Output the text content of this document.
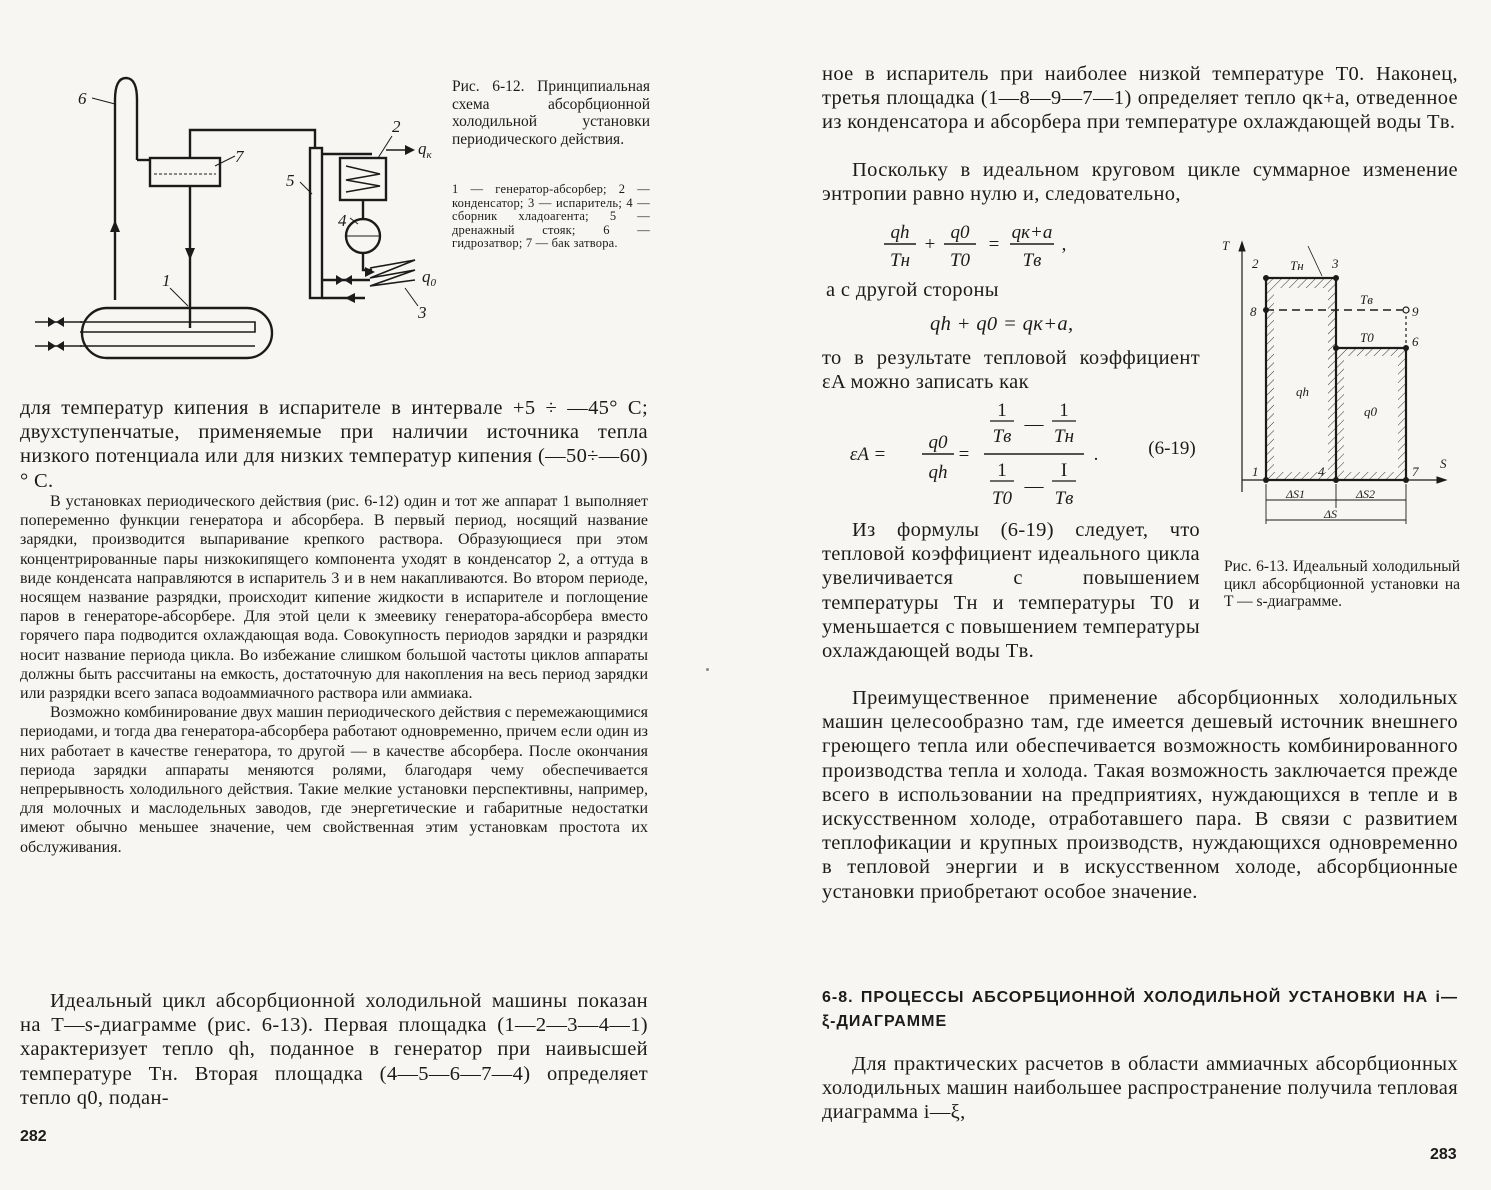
6
7
5
2
4
3
1
$q_к$
$q_0$
Рис. 6-12. Принципиальная схема абсорбционной холодильной установки периодического действия.
1 — генератор-абсорбер; 2 — конденсатор; 3 — испаритель; 4 — сборник хладоагента; 5 — дренажный стояк; 6 — гидрозатвор; 7 — бак затвора.
для температур кипения в испарителе в интервале +5 ÷ —45° С; двухступенчатые, применяемые при наличии источника тепла низкого потенциала или для низких температур кипения (—50÷—60)° С.

В установках периодического действия (рис. 6-12) один и тот же аппарат 1 выполняет попеременно функции генератора и абсорбера. В первый период, носящий название зарядки, производится выпаривание крепкого раствора. Образующиеся при этом концентрированные пары низкокипящего компонента уходят в конденсатор 2, а оттуда в виде конденсата направляются в испаритель 3 и в нем накапливаются. Во втором периоде, носящем название разрядки, происходит кипение жидкости в испарителе и поглощение паров в генераторе-абсорбере. Для этой цели к змеевику генератора-абсорбера вместо горячего пара подводится охлаждающая вода. Совокупность периодов зарядки и разрядки носит название периода цикла. Во избежание слишком большой частоты циклов аппараты должны быть рассчитаны на емкость, достаточную для накопления на весь период зарядки или разрядки всего запаса водоаммиачного раствора или аммиака.

Возможно комбинирование двух машин периодического действия с перемежающимися периодами, и тогда два генератора-абсорбера работают одновременно, причем если один из них работает в качестве генератора, то другой — в качестве абсорбера. После окончания периода зарядки аппараты меняются ролями, благодаря чему обеспечивается непрерывность холодильного действия. Такие мелкие установки перспективны, например, для молочных и маслодельных заводов, где энергетические и габаритные недостатки имеют обычно меньшее значение, чем свойственная этим установкам простота их обслуживания.

Идеальный цикл абсорбционной холодильной машины показан на T—s-диаграмме (рис. 6-13). Первая площадка (1—2—3—4—1) характеризует тепло qh, поданное в генератор при наивысшей температуре Tн. Вторая площадка (4—5—6—7—4) определяет тепло q0, подан-

282
ное в испаритель при наиболее низкой температуре T0. Наконец, третья площадка (1—8—9—7—1) определяет тепло qк+а, отведенное из конденсатора и абсорбера при температуре охлаждающей воды Tв.

Поскольку в идеальном круговом цикле суммарное изменение энтропии равно нулю и, следовательно,

qh
Tн
+
q0
T0
=
qк+а
Tв
,
а с другой стороны
qh + q0 = qк+а,
то в результате тепловой коэффициент εA можно записать как
εA =
q0
qh
=
1
Tв
—
1
Tн
1
T0
—
I
Tв
.	(6-19)

Из формулы (6-19) следует, что тепловой коэффициент идеального цикла увеличивается с повышением температуры Tн и температуры T0 и уменьшается с повышением температуры охлаждающей воды Tв.

T
S
1
2	3
4
6
7
8	9
Tн
Tв
T0
qh
q0
ΔS1	ΔS2
ΔS
Рис. 6-13. Идеальный холодильный цикл абсорбционной установки на T — s-диаграмме.

Преимущественное применение абсорбционных холодильных машин целесообразно там, где имеется дешевый источник внешнего греющего тепла или обеспечивается возможность комбинированного производства тепла и холода. Такая возможность заключается прежде всего в использовании на предприятиях, нуждающихся в тепле и в искусственном холоде, отработавшего пара. В связи с развитием теплофикации и крупных производств, нуждающихся одновременно в тепловой энергии и в искусственном холоде, абсорбционные установки приобретают особое значение.

6-8. ПРОЦЕССЫ АБСОРБЦИОННОЙ ХОЛОДИЛЬНОЙ УСТАНОВКИ НА i—ξ-ДИАГРАММЕ

Для практических расчетов в области аммиачных абсорбционных холодильных машин наибольшее распространение получила тепловая диаграмма i—ξ,

283
